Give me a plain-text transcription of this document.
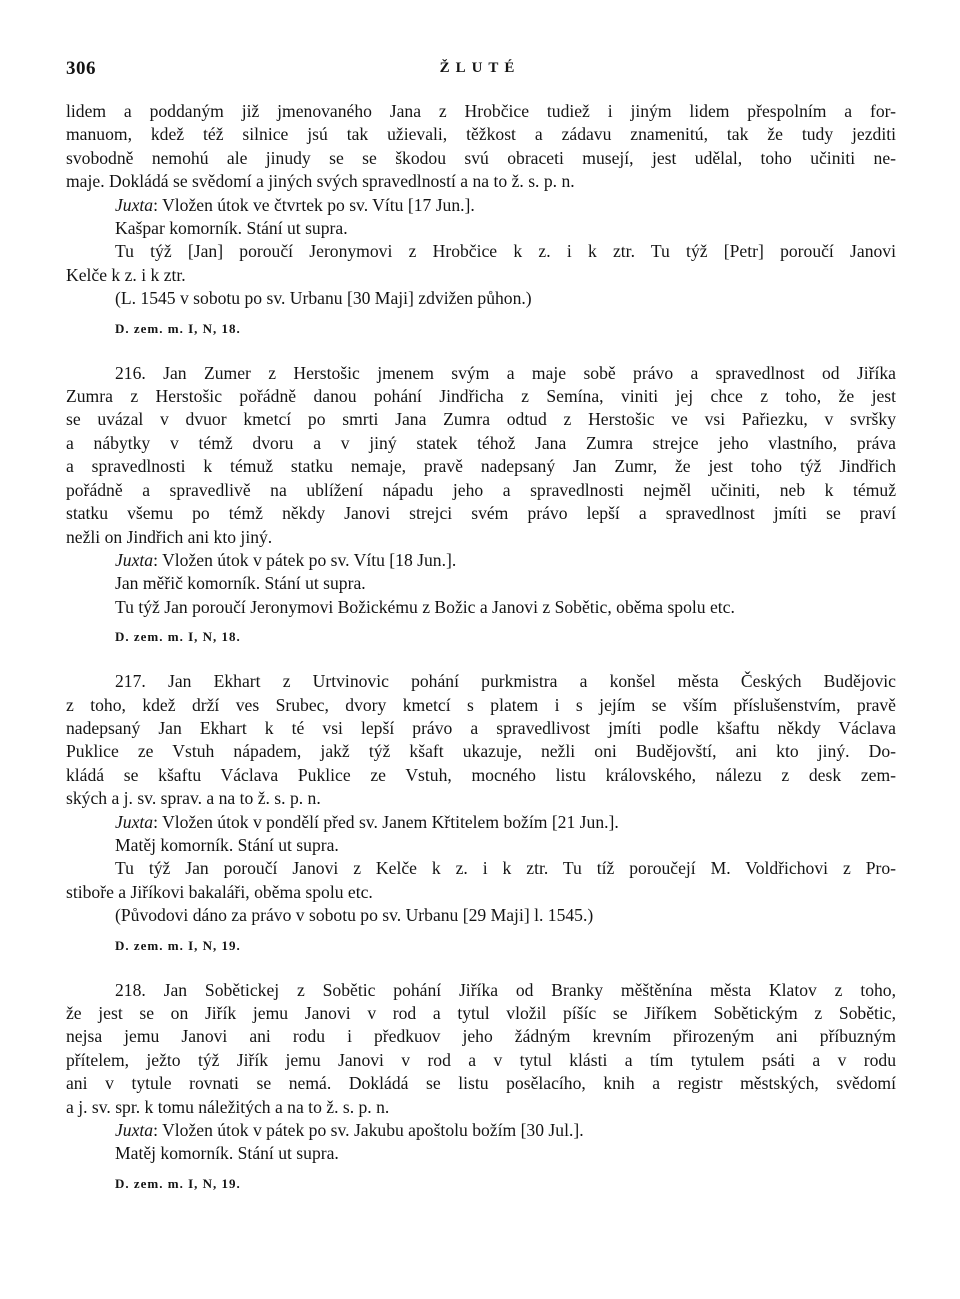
306	ŽLUTÉ
lidem a poddaným již jmenovaného Jana z Hrobčice tudiež i jiným lidem přespolním a for-
manuom, kdež též silnice jsú tak užievali, těžkost a zádavu znamenitú, tak že tudy jezditi
svobodně nemohú ale jinudy se se škodou svú obraceti musejí, jest udělal, toho učiniti ne-
maje. Dokládá se svědomí a jiných svých spravedlností a na to ž. s. p. n.
Juxta: Vložen útok ve čtvrtek po sv. Vítu [17 Jun.].
Kašpar komorník. Stání ut supra.
Tu týž [Jan] poroučí Jeronymovi z Hrobčice k z. i k ztr. Tu týž [Petr] poroučí Janovi
Kelče k z. i k ztr.
(L. 1545 v sobotu po sv. Urbanu [30 Maji] zdvižen půhon.)
D. zem. m. I, N, 18.
216. Jan Zumer z Herstošic jmenem svým a maje sobě právo a spravedlnost od Jiříka
Zumra z Herstošic pořádně danou pohání Jindřicha z Semína, viniti jej chce z toho, že jest
se uvázal v dvuor kmetcí po smrti Jana Zumra odtud z Herstošic ve vsi Pařiezku, v svršky
a nábytky v témž dvoru a v jiný statek téhož Jana Zumra strejce jeho vlastního, práva
a spravedlnosti k témuž statku nemaje, pravě nadepsaný Jan Zumr, že jest toho týž Jindřich
pořádně a spravedlivě na ublížení nápadu jeho a spravedlnosti nejměl učiniti, neb k témuž
statku všemu po témž někdy Janovi strejci svém právo lepší a spravedlnost jmíti se praví
nežli on Jindřich ani kto jiný.
Juxta: Vložen útok v pátek po sv. Vítu [18 Jun.].
Jan měřič komorník. Stání ut supra.
Tu týž Jan poroučí Jeronymovi Božickému z Božic a Janovi z Sobětic, oběma spolu etc.
D. zem. m. I, N, 18.
217. Jan Ekhart z Urtvinovic pohání purkmistra a konšel města Českých Budějovic
z toho, kdež drží ves Srubec, dvory kmetcí s platem i s jejím se vším příslušenstvím, pravě
nadepsaný Jan Ekhart k té vsi lepší právo a spravedlivost jmíti podle kšaftu někdy Václava
Puklice ze Vstuh nápadem, jakž týž kšaft ukazuje, nežli oni Budějovští, ani kto jiný. Do-
kládá se kšaftu Václava Puklice ze Vstuh, mocného listu královského, nálezu z desk zem-
ských a j. sv. sprav. a na to ž. s. p. n.
Juxta: Vložen útok v pondělí před sv. Janem Křtitelem božím [21 Jun.].
Matěj komorník. Stání ut supra.
Tu týž Jan poroučí Janovi z Kelče k z. i k ztr. Tu tíž poroučejí M. Voldřichovi z Pro-
stiboře a Jiříkovi bakaláři, oběma spolu etc.
(Původovi dáno za právo v sobotu po sv. Urbanu [29 Maji] l. 1545.)
D. zem. m. I, N, 19.
218. Jan Sobětickej z Sobětic pohání Jiříka od Branky měštěnína města Klatov z toho,
že jest se on Jiřík jemu Janovi v rod a tytul vložil píšíc se Jiříkem Sobětickým z Sobětic,
nejsa jemu Janovi ani rodu i předkuov jeho žádným krevním přirozeným ani příbuzným
přítelem, ježto týž Jiřík jemu Janovi v rod a v tytul klásti a tím tytulem psáti a v rodu
ani v tytule rovnati se nemá. Dokládá se listu posělacího, knih a registr městských, svědomí
a j. sv. spr. k tomu náležitých a na to ž. s. p. n.
Juxta: Vložen útok v pátek po sv. Jakubu apoštolu božím [30 Jul.].
Matěj komorník. Stání ut supra.
D. zem. m. I, N, 19.
